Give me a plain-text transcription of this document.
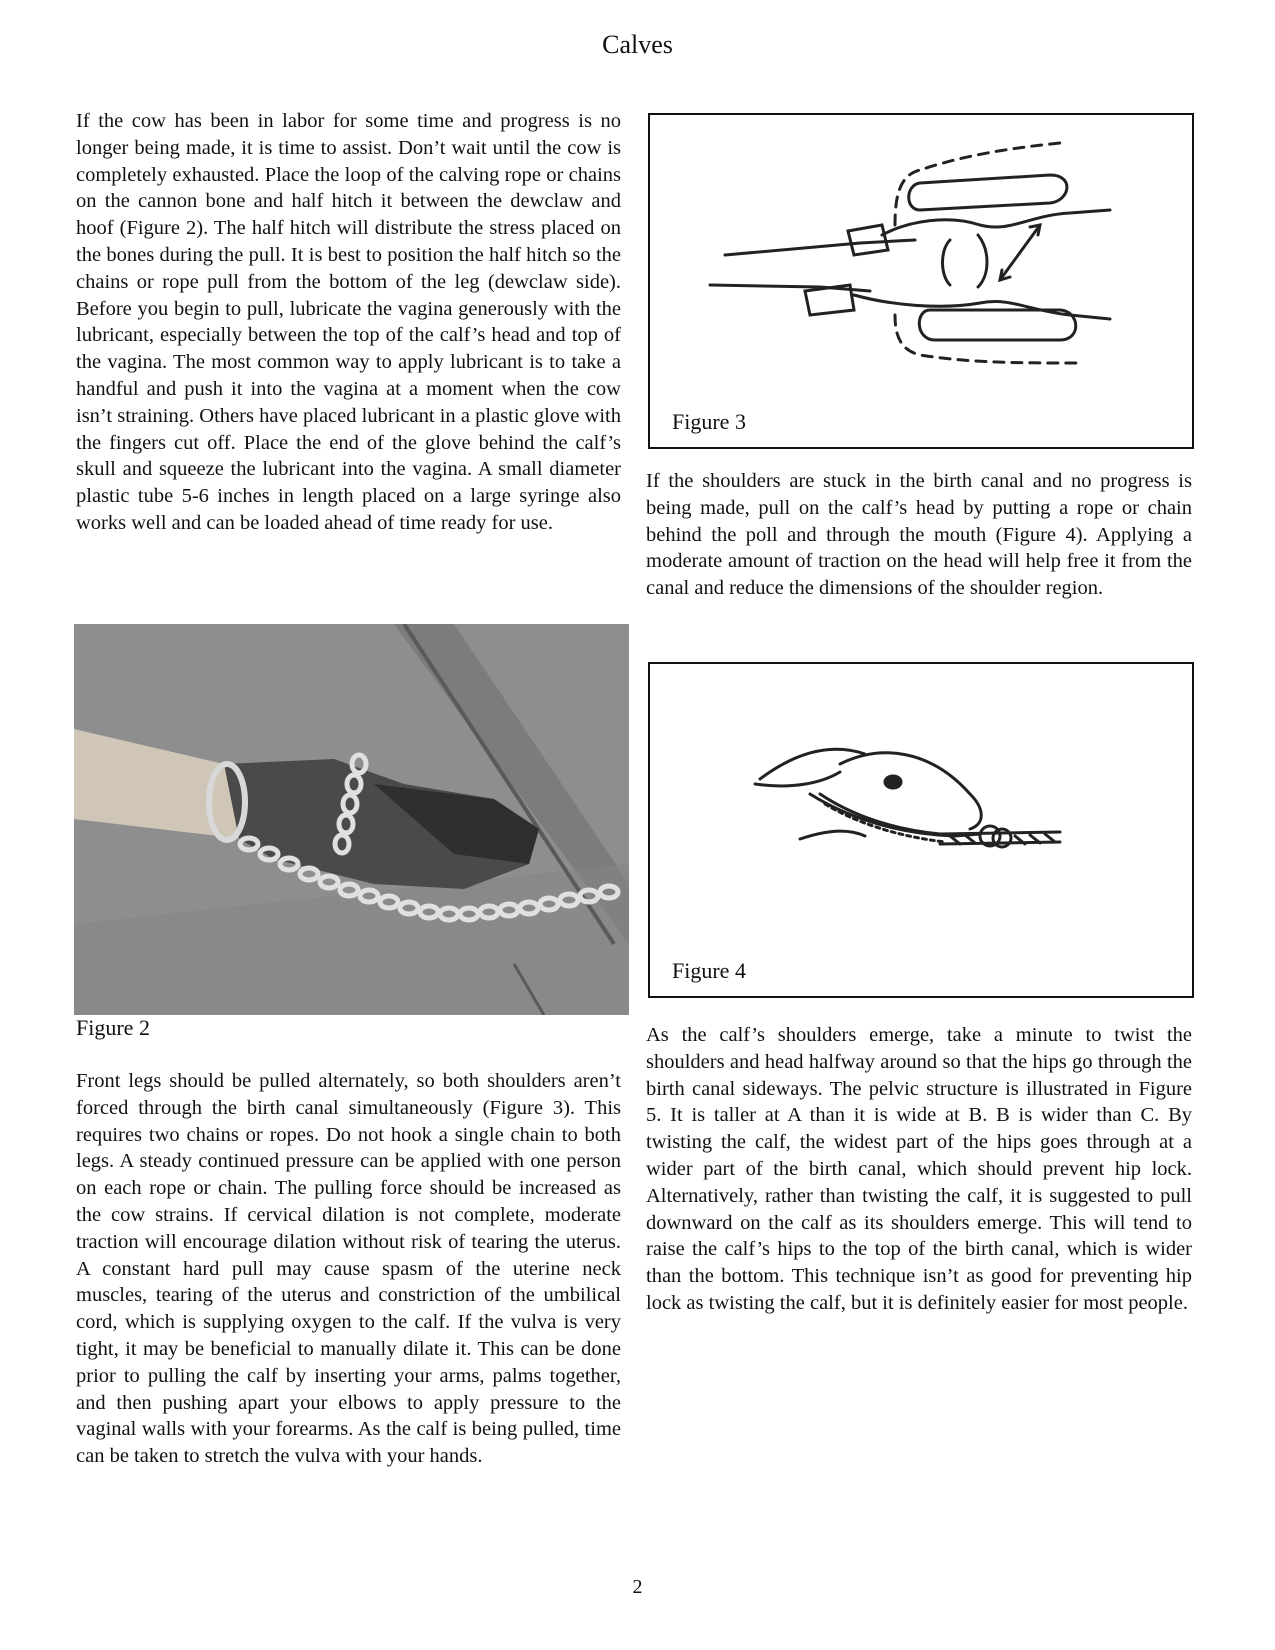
Calves

If the cow has been in labor for some time and progress is no longer being made, it is time to assist. Don’t wait until the cow is completely exhausted. Place the loop of the calving rope or chains on the cannon bone and half hitch it between the dewclaw and hoof (Figure 2). The half hitch will distribute the stress placed on the bones during the pull. It is best to position the half hitch so the chains or rope pull from the bottom of the leg (dewclaw side). Before you begin to pull, lubricate the vagina generously with the lubricant, especially between the top of the calf’s head and top of the vagina. The most common way to apply lubricant is to take a handful and push it into the vagina at a moment when the cow isn’t straining. Others have placed lubricant in a plastic glove with the fingers cut off. Place the end of the glove behind the calf’s skull and squeeze the lubricant into the vagina. A small diameter plastic tube 5-6 inches in length placed on a large syringe also works well and can be loaded ahead of time ready for use.

Figure 2

Front legs should be pulled alternately, so both shoulders aren’t forced through the birth canal simultaneously (Figure 3). This requires two chains or ropes. Do not hook a single chain to both legs. A steady continued pressure can be applied with one person on each rope or chain. The pulling force should be increased as the cow strains. If cervical dilation is not complete, moderate traction will encourage dilation without risk of tearing the uterus. A constant hard pull may cause spasm of the uterine neck muscles, tearing of the uterus and constriction of the umbilical cord, which is supplying oxygen to the calf. If the vulva is very tight, it may be beneficial to manually dilate it. This can be done prior to pulling the calf by inserting your arms, palms together, and then pushing apart your elbows to apply pressure to the vaginal walls with your forearms. As the calf is being pulled, time can be taken to stretch the vulva with your hands.

Figure 3

If the shoulders are stuck in the birth canal and no progress is being made, pull on the calf’s head by putting a rope or chain behind the poll and through the mouth (Figure 4). Applying a moderate amount of traction on the head will help free it from the canal and reduce the dimensions of the shoulder region.

Figure 4

As the calf’s shoulders emerge, take a minute to twist the shoulders and head halfway around so that the hips go through the birth canal sideways. The pelvic structure is illustrated in Figure 5. It is taller at A than it is wide at B. B is wider than C. By twisting the calf, the widest part of the hips goes through at a wider part of the birth canal, which should prevent hip lock. Alternatively, rather than twisting the calf, it is suggested to pull downward on the calf as its shoulders emerge. This will tend to raise the calf’s hips to the top of the birth canal, which is wider than the bottom. This technique isn’t as good for preventing hip lock as twisting the calf, but it is definitely easier for most people.

2
